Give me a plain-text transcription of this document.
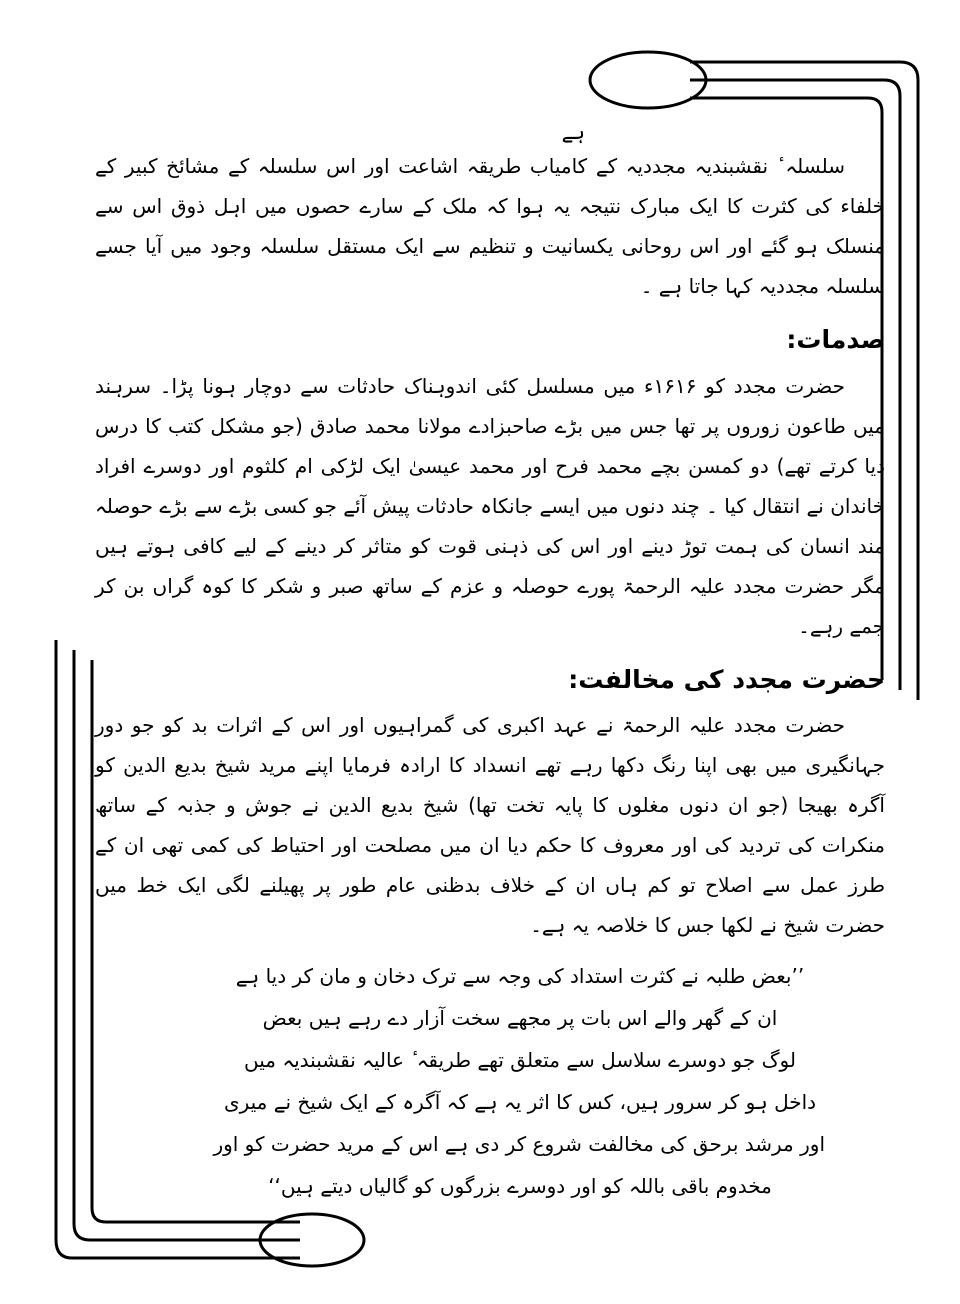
ہے

سلسلہ ٔ نقشبندیہ مجددیہ کے کامیاب طریقہ اشاعت اور اس سلسلہ کے مشائخ کبیر کے خلفاء کی کثرت کا ایک مبارک نتیجہ یہ ہوا کہ ملک کے سارے حصوں میں اہل ذوق اس سے منسلک ہو گئے اور اس روحانی یکسانیت و تنظیم سے ایک مستقل سلسلہ وجود میں آیا جسے سلسلہ مجددیہ کہا جاتا ہے ۔

صدمات:

حضرت مجدد کو ۱۶۱۶ء میں مسلسل کئی اندوہناک حادثات سے دوچار ہونا پڑا۔ سرہند میں طاعون زوروں پر تھا جس میں بڑے صاحبزادے مولانا محمد صادق (جو مشکل کتب کا درس دیا کرتے تھے) دو کمسن بچے محمد فرح اور محمد عیسیٰ ایک لڑکی ام کلثوم اور دوسرے افراد خاندان نے انتقال کیا ۔ چند دنوں میں ایسے جانکاہ حادثات پیش آئے جو کسی بڑے سے بڑے حوصلہ مند انسان کی ہمت توڑ دینے اور اس کی ذہنی قوت کو متاثر کر دینے کے لیے کافی ہوتے ہیں مگر حضرت مجدد علیہ الرحمۃ پورے حوصلہ و عزم کے ساتھ صبر و شکر کا کوہ گراں بن کر جمے رہے۔

حضرت مجدد کی مخالفت:

حضرت مجدد علیہ الرحمۃ نے عہد اکبری کی گمراہیوں اور اس کے اثرات بد کو جو دور جہانگیری میں بھی اپنا رنگ دکھا رہے تھے انسداد کا ارادہ فرمایا اپنے مرید شیخ بدیع الدین کو آگرہ بھیجا (جو ان دنوں مغلوں کا پایہ تخت تھا) شیخ بدیع الدین نے جوش و جذبہ کے ساتھ منکرات کی تردید کی اور معروف کا حکم دیا ان میں مصلحت اور احتیاط کی کمی تھی ان کے طرز عمل سے اصلاح تو کم ہاں ان کے خلاف بدظنی عام طور پر پھیلنے لگی ایک خط میں حضرت شیخ نے لکھا جس کا خلاصہ یہ ہے۔

’’بعض طلبہ نے کثرت استداد کی وجہ سے ترک دخان و مان کر دیا ہے
ان کے گھر والے اس بات پر مجھے سخت آزار دے رہے ہیں بعض
لوگ جو دوسرے سلاسل سے متعلق تھے طریقہ ٔ عالیہ نقشبندیہ میں
داخل ہو کر سرور ہیں، کس کا اثر یہ ہے کہ آگرہ کے ایک شیخ نے میری
اور مرشد برحق کی مخالفت شروع کر دی ہے اس کے مرید حضرت کو اور
مخدوم باقی باللہ کو اور دوسرے بزرگوں کو گالیاں دیتے ہیں‘‘
